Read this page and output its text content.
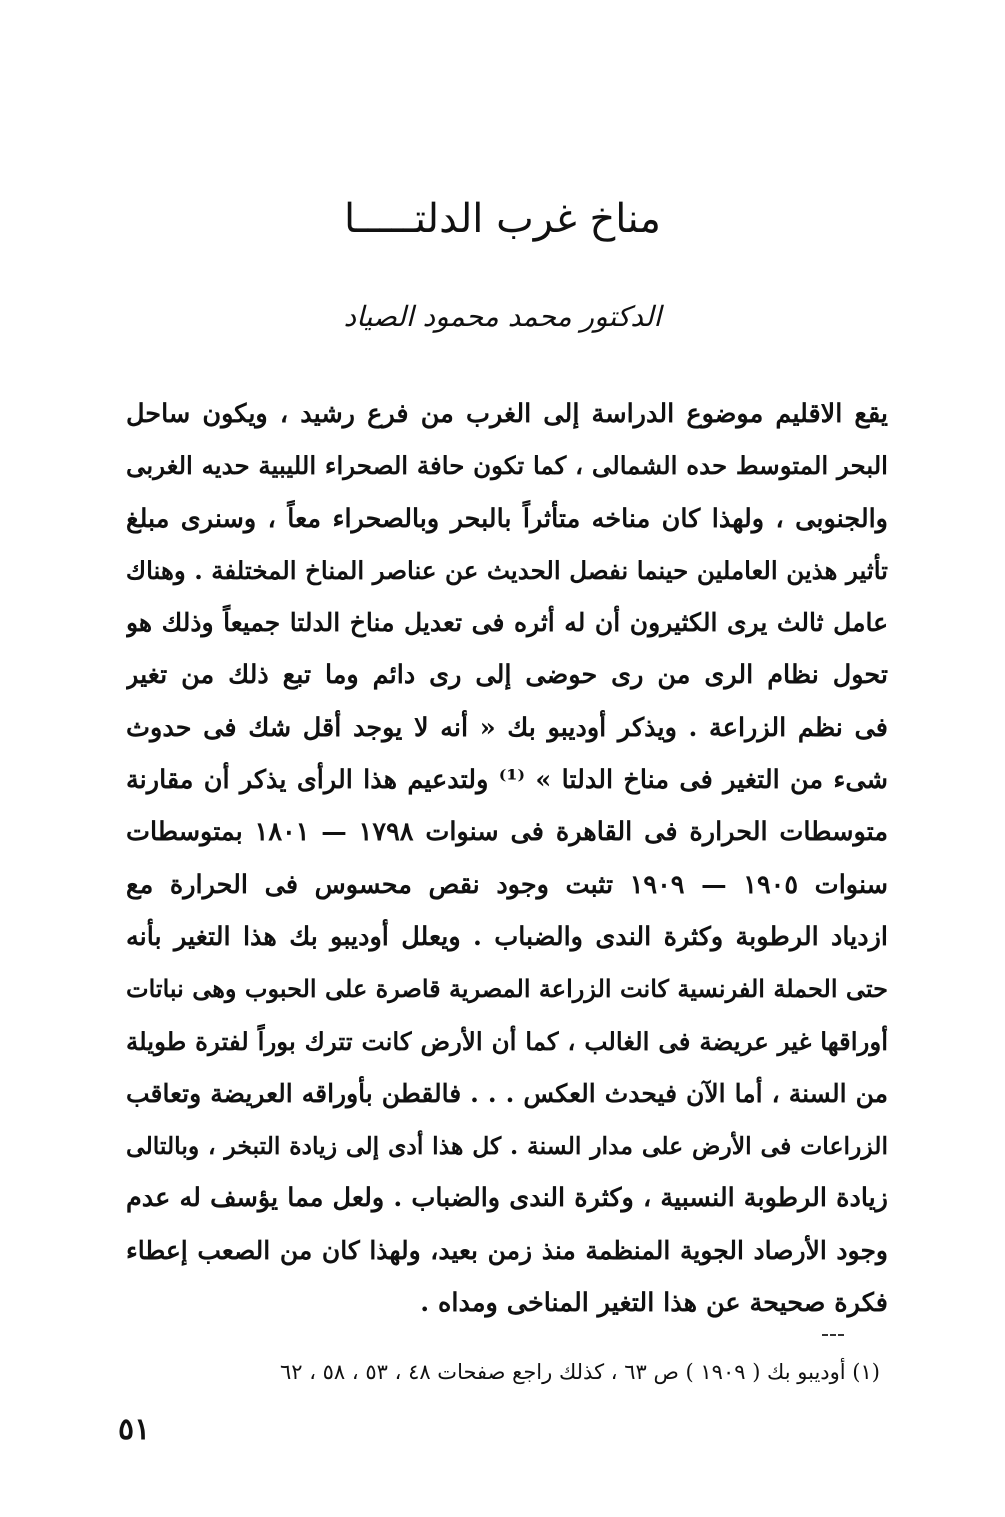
مناخ غرب الدلتـــــا
الدكتور محمد محمود الصياد
يقع الاقليم موضوع الدراسة إلى الغرب من فرع رشيد ، ويكون ساحل
البحر المتوسط حده الشمالى ، كما تكون حافة الصحراء الليبية حديه الغربى
والجنوبى ، ولهذا كان مناخه متأثراً بالبحر وبالصحراء معاً ، وسنرى مبلغ
تأثير هذين العاملين حينما نفصل الحديث عن عناصر المناخ المختلفة . وهناك
عامل ثالث يرى الكثيرون أن له أثره فى تعديل مناخ الدلتا جميعاً وذلك هو
تحول نظام الرى من رى حوضى إلى رى دائم وما تبع ذلك من تغير
فى نظم الزراعة . ويذكر أوديبو بك « أنه لا يوجد أقل شك فى حدوث
شىء من التغير فى مناخ الدلتا » ⁽¹⁾ ولتدعيم هذا الرأى يذكر أن مقارنة
متوسطات الحرارة فى القاهرة فى سنوات ١٧٩٨ — ١٨٠١ بمتوسطات
سنوات ١٩٠٥ — ١٩٠٩ تثبت وجود نقص محسوس فى الحرارة مع
ازدياد الرطوبة وكثرة الندى والضباب . ويعلل أوديبو بك هذا التغير بأنه
حتى الحملة الفرنسية كانت الزراعة المصرية قاصرة على الحبوب وهى نباتات
أوراقها غير عريضة فى الغالب ، كما أن الأرض كانت تترك بوراً لفترة طويلة
من السنة ، أما الآن فيحدث العكس . . . فالقطن بأوراقه العريضة وتعاقب
الزراعات فى الأرض على مدار السنة . كل هذا أدى إلى زيادة التبخر ، وبالتالى
زيادة الرطوبة النسبية ، وكثرة الندى والضباب . ولعل مما يؤسف له عدم
وجود الأرصاد الجوية المنظمة منذ زمن بعيد، ولهذا كان من الصعب إعطاء
فكرة صحيحة عن هذا التغير المناخى ومداه .
(١) أوديبو بك ( ١٩٠٩ ) ص ٦٣ ، كذلك راجع صفحات ٤٨ ، ٥٣ ، ٥٨ ، ٦٢
٥١
